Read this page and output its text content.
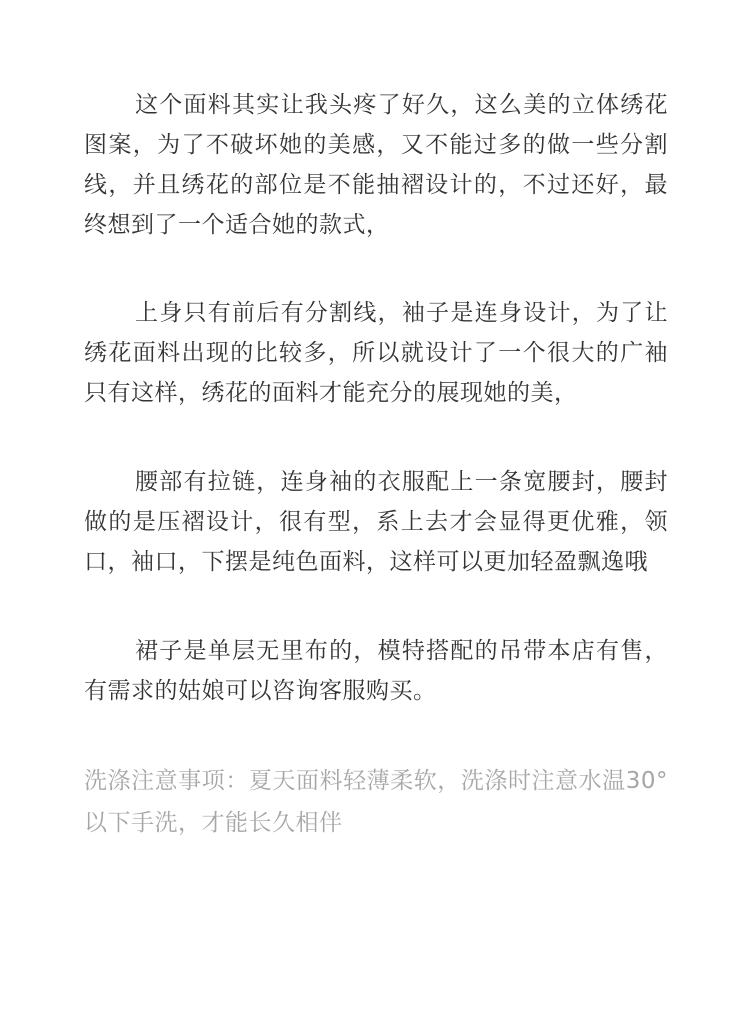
这个面料其实让我头疼了好久，这么美的立体绣花图案，为了不破坏她的美感，又不能过多的做一些分割线，并且绣花的部位是不能抽褶设计的，不过还好，最终想到了一个适合她的款式，

上身只有前后有分割线，袖子是连身设计，为了让绣花面料出现的比较多，所以就设计了一个很大的广袖只有这样，绣花的面料才能充分的展现她的美，

腰部有拉链，连身袖的衣服配上一条宽腰封，腰封做的是压褶设计，很有型，系上去才会显得更优雅，领口，袖口，下摆是纯色面料，这样可以更加轻盈飘逸哦

裙子是单层无里布的，模特搭配的吊带本店有售，有需求的姑娘可以咨询客服购买。

洗涤注意事项：夏天面料轻薄柔软，洗涤时注意水温30°以下手洗，才能长久相伴
